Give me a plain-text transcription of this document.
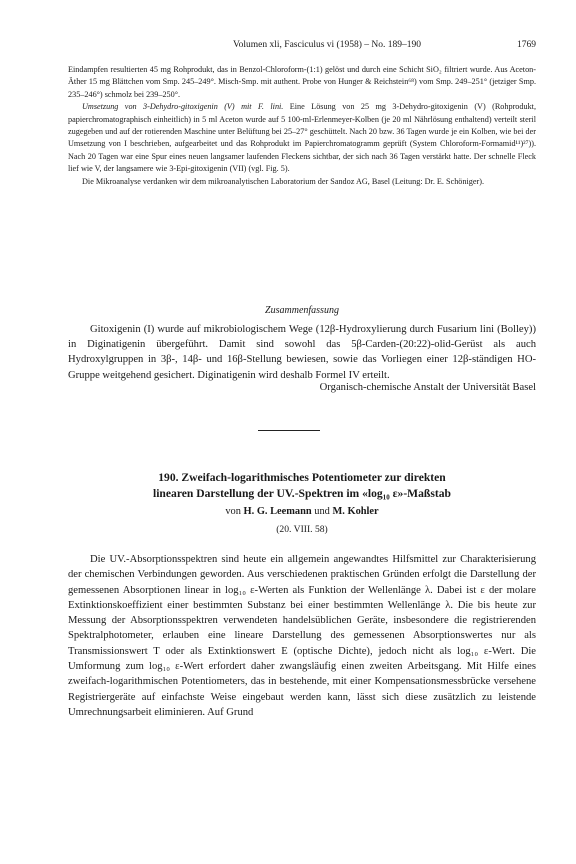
Volumen xli, Fasciculus vi (1958) – No. 189–190	1769

Eindampfen resultierten 45 mg Rohprodukt, das in Benzol-Chloroform-(1:1) gelöst und durch eine Schicht SiO₂ filtriert wurde. Aus Aceton-Äther 15 mg Blättchen vom Smp. 245–249°. Misch-Smp. mit authent. Probe von Hunger & Reichstein⁶⁸) vom Smp. 249–251° (jetziger Smp. 235–246°) schmolz bei 239–250°.

Umsetzung von 3-Dehydro-gitoxigenin (V) mit F. lini. Eine Lösung von 25 mg 3-Dehydro-gitoxigenin (V) (Rohprodukt, papierchromatographisch einheitlich) in 5 ml Aceton wurde auf 5 100-ml-Erlenmeyer-Kolben (je 20 ml Nährlösung enthaltend) verteilt steril zugegeben und auf der rotierenden Maschine unter Belüftung bei 25–27° geschüttelt. Nach 20 bzw. 36 Tagen wurde je ein Kolben, wie bei der Umsetzung von I beschrieben, aufgearbeitet und das Rohprodukt im Papierchromatogramm geprüft (System Chloroform-Formamid¹¹)²⁷)). Nach 20 Tagen war eine Spur eines neuen langsamer laufenden Fleckens sichtbar, der sich nach 36 Tagen verstärkt hatte. Der schnelle Fleck lief wie V, der langsamere wie 3-Epi-gitoxigenin (VII) (vgl. Fig. 5).

Die Mikroanalyse verdanken wir dem mikroanalytischen Laboratorium der Sandoz AG, Basel (Leitung: Dr. E. Schöniger).

Zusammenfassung

Gitoxigenin (I) wurde auf mikrobiologischem Wege (12β-Hydroxylierung durch Fusarium lini (Bolley)) in Diginatigenin übergeführt. Damit sind sowohl das 5β-Carden-(20:22)-olid-Gerüst als auch Hydroxylgruppen in 3β-, 14β- und 16β-Stellung bewiesen, sowie das Vorliegen einer 12β-ständigen HO-Gruppe weitgehend gesichert. Diginatigenin wird deshalb Formel IV erteilt.

Organisch-chemische Anstalt der Universität Basel
190. Zweifach-logarithmisches Potentiometer zur direkten
linearen Darstellung der UV.-Spektren im «log₁₀ ε»-Maßstab
von H. G. Leemann und M. Kohler
(20. VIII. 58)

Die UV.-Absorptionsspektren sind heute ein allgemein angewandtes Hilfsmittel zur Charakterisierung der chemischen Verbindungen geworden. Aus verschiedenen praktischen Gründen erfolgt die Darstellung der gemessenen Absorptionen linear in log₁₀ ε-Werten als Funktion der Wellenlänge λ. Dabei ist ε der molare Extinktionskoeffizient einer bestimmten Substanz bei einer bestimmten Wellenlänge λ. Die bis heute zur Messung der Absorptionsspektren verwendeten handelsüblichen Geräte, insbesondere die registrierenden Spektralphotometer, erlauben eine lineare Darstellung des gemessenen Absorptionswertes nur als Transmissionswert T oder als Extinktionswert E (optische Dichte), jedoch nicht als log₁₀ ε-Wert. Die Umformung zum log₁₀ ε-Wert erfordert daher zwangsläufig einen zweiten Arbeitsgang. Mit Hilfe eines zweifach-logarithmischen Potentiometers, das in bestehende, mit einer Kompensationsmessbrücke versehene Registriergeräte auf einfachste Weise eingebaut werden kann, lässt sich diese zusätzlich zu leistende Umrechnungsarbeit eliminieren. Auf Grund
